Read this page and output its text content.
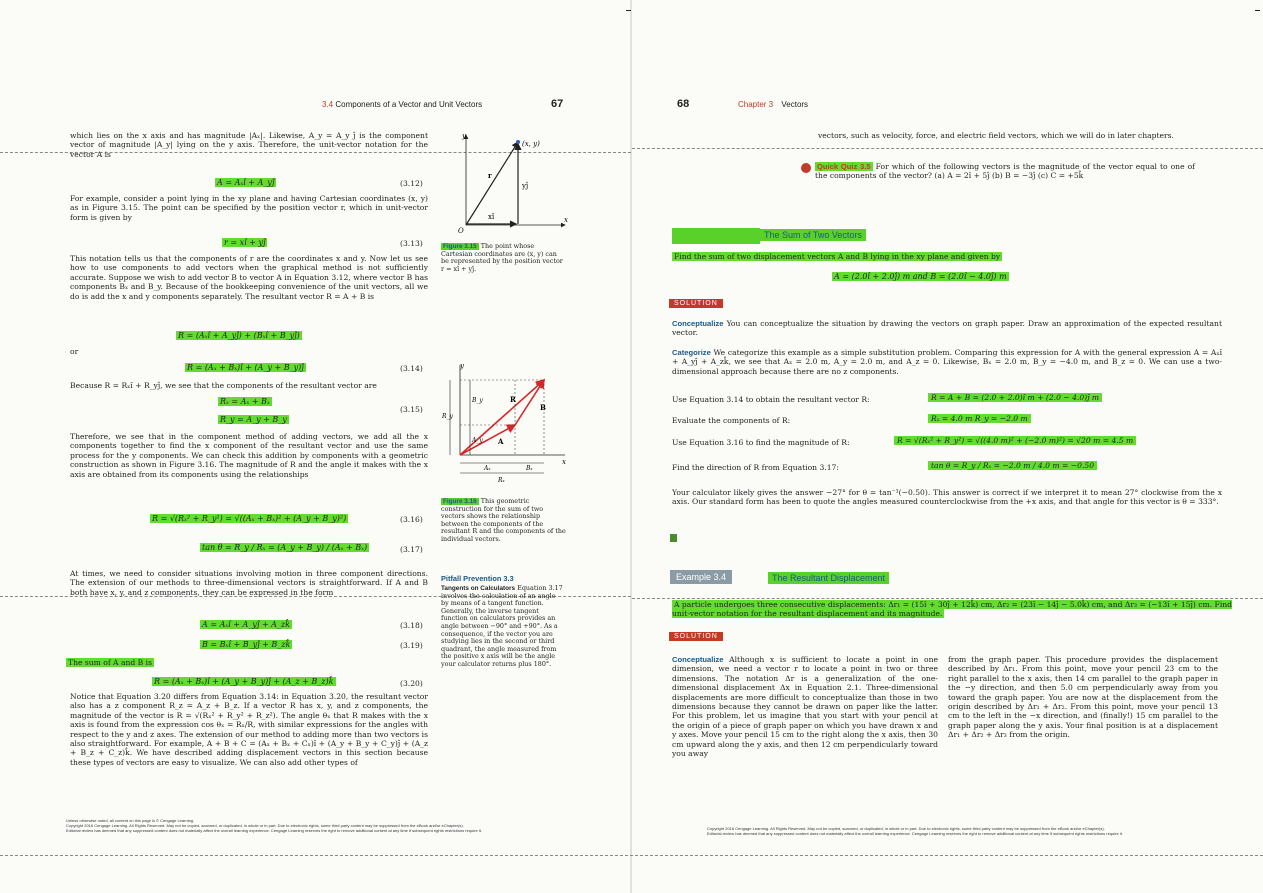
3.4 Components of a Vector and Unit Vectors	67
which lies on the x axis and has magnitude |Aₓ|. Likewise, A_y = A_y ĵ is the component vector of magnitude |A_y| lying on the y axis. Therefore, the unit-vector notation for the vector A is
A = Aₓî + A_yĵ	(3.12)
For example, consider a point lying in the xy plane and having Cartesian coordinates (x, y) as in Figure 3.15. The point can be specified by the position vector r, which in unit-vector form is given by
r = xî + yĵ	(3.13)
This notation tells us that the components of r are the coordinates x and y. Now let us see how to use components to add vectors when the graphical method is not sufficiently accurate. Suppose we wish to add vector B to vector A in Equation 3.12, where vector B has components Bₓ and B_y. Because of the bookkeeping convenience of the unit vectors, all we do is add the x and y components separately. The resultant vector R = A + B is
R = (Aₓî + A_yĵ) + (Bₓî + B_yĵ)
or
R = (Aₓ + Bₓ)î + (A_y + B_y)ĵ	(3.14)
Because R = Rₓî + R_yĵ, we see that the components of the resultant vector are
Rₓ = Aₓ + Bₓ
R_y = A_y + B_y
(3.15)
Therefore, we see that in the component method of adding vectors, we add all the x components together to find the x component of the resultant vector and use the same process for the y components. We can check this addition by components with a geometric construction as shown in Figure 3.16. The magnitude of R and the angle it makes with the x axis are obtained from its components using the relationships
R = √(Rₓ² + R_y²) = √((Aₓ + Bₓ)² + (A_y + B_y)²)	(3.16)
tan θ = R_y / Rₓ = (A_y + B_y) / (Aₓ + Bₓ)	(3.17)
At times, we need to consider situations involving motion in three component directions. The extension of our methods to three-dimensional vectors is straightforward. If A and B both have x, y, and z components, they can be expressed in the form
A = Aₓî + A_yĵ + A_zk̂	(3.18)
B = Bₓî + B_yĵ + B_zk̂	(3.19)
The sum of A and B is
R = (Aₓ + Bₓ)î + (A_y + B_y)ĵ + (A_z + B_z)k̂	(3.20)
Notice that Equation 3.20 differs from Equation 3.14: in Equation 3.20, the resultant vector also has a z component R_z = A_z + B_z. If a vector R has x, y, and z components, the magnitude of the vector is R = √(Rₓ² + R_y² + R_z²). The angle θₓ that R makes with the x axis is found from the expression cos θₓ = Rₓ/R, with similar expressions for the angles with respect to the y and z axes. The extension of our method to adding more than two vectors is also straightforward. For example, A + B + C = (Aₓ + Bₓ + Cₓ)î + (A_y + B_y + C_y)ĵ + (A_z + B_z + C_z)k̂. We have described adding displacement vectors in this section because these types of vectors are easy to visualize. We can also add other types of
(x, y)
r
yĵ
xî
O
x
y
Figure 3.15 The point whose Cartesian coordinates are (x, y) can be represented by the position vector r = xî + yĵ.
y
x
B_y
R_y
A_y
R
B
A
Aₓ	Bₓ
Rₓ
Figure 3.16 This geometric construction for the sum of two vectors shows the relationship between the components of the resultant R and the components of the individual vectors.
Pitfall Prevention 3.3
Tangents on Calculators Equation 3.17 involves the calculation of an angle by means of a tangent function. Generally, the inverse tangent function on calculators provides an angle between −90° and +90°. As a consequence, if the vector you are studying lies in the second or third quadrant, the angle measured from the positive x axis will be the angle your calculator returns plus 180°.
Unless otherwise noted, all content on this page is © Cengage Learning.
Copyright 2016 Cengage Learning. All Rights Reserved. May not be copied, scanned, or duplicated, in whole or in part. Due to electronic rights, some third party content may be suppressed from the eBook and/or eChapter(s).
Editorial review has deemed that any suppressed content does not materially affect the overall learning experience. Cengage Learning reserves the right to remove additional content at any time if subsequent rights restrictions require it.
68	Chapter 3 Vectors
vectors, such as velocity, force, and electric field vectors, which we will do in later chapters.
Quick Quiz 3.5 For which of the following vectors is the magnitude of the vector equal to one of the components of the vector? (a) A = 2î + 5ĵ (b) B = −3ĵ (c) C = +5k̂
The Sum of Two Vectors
Find the sum of two displacement vectors A and B lying in the xy plane and given by
A = (2.0î + 2.0ĵ) m and B = (2.0î − 4.0ĵ) m
SOLUTION
Conceptualize You can conceptualize the situation by drawing the vectors on graph paper. Draw an approximation of the expected resultant vector.
Categorize We categorize this example as a simple substitution problem. Comparing this expression for A with the general expression A = Aₓî + A_yĵ + A_zk̂, we see that Aₓ = 2.0 m, A_y = 2.0 m, and A_z = 0. Likewise, Bₓ = 2.0 m, B_y = −4.0 m, and B_z = 0. We can use a two-dimensional approach because there are no z components.
Use Equation 3.14 to obtain the resultant vector R:	R = A + B = (2.0 + 2.0)î m + (2.0 − 4.0)ĵ m
Evaluate the components of R:	Rₓ = 4.0 m R_y = −2.0 m
Use Equation 3.16 to find the magnitude of R:	R = √(Rₓ² + R_y²) = √((4.0 m)² + (−2.0 m)²) = √20 m = 4.5 m
Find the direction of R from Equation 3.17:	tan θ = R_y / Rₓ = −2.0 m / 4.0 m = −0.50
Your calculator likely gives the answer −27° for θ = tan⁻¹(−0.50). This answer is correct if we interpret it to mean 27° clockwise from the x axis. Our standard form has been to quote the angles measured counterclockwise from the +x axis, and that angle for this vector is θ = 333°.
Example 3.4	The Resultant Displacement
A particle undergoes three consecutive displacements: Δr₁ = (15î + 30ĵ + 12k̂) cm, Δr₂ = (23î − 14ĵ − 5.0k̂) cm, and Δr₃ = (−13î + 15ĵ) cm. Find unit-vector notation for the resultant displacement and its magnitude.
SOLUTION
Conceptualize Although x is sufficient to locate a point in one dimension, we need a vector r to locate a point in two or three dimensions. The notation Δr is a generalization of the one-dimensional displacement Δx in Equation 2.1. Three-dimensional displacements are more difficult to conceptualize than those in two dimensions because they cannot be drawn on paper like the latter. For this problem, let us imagine that you start with your pencil at the origin of a piece of graph paper on which you have drawn x and y axes. Move your pencil 15 cm to the right along the x axis, then 30 cm upward along the y axis, and then 12 cm perpendicularly toward you away
from the graph paper. This procedure provides the displacement described by Δr₁. From this point, move your pencil 23 cm to the right parallel to the x axis, then 14 cm parallel to the graph paper in the −y direction, and then 5.0 cm perpendicularly away from you toward the graph paper. You are now at the displacement from the origin described by Δr₁ + Δr₂. From this point, move your pencil 13 cm to the left in the −x direction, and (finally!) 15 cm parallel to the graph paper along the y axis. Your final position is at a displacement Δr₁ + Δr₂ + Δr₃ from the origin.
Copyright 2016 Cengage Learning. All Rights Reserved. May not be copied, scanned, or duplicated, in whole or in part. Due to electronic rights, some third party content may be suppressed from the eBook and/or eChapter(s).
Editorial review has deemed that any suppressed content does not materially affect the overall learning experience. Cengage Learning reserves the right to remove additional content at any time if subsequent rights restrictions require it.
